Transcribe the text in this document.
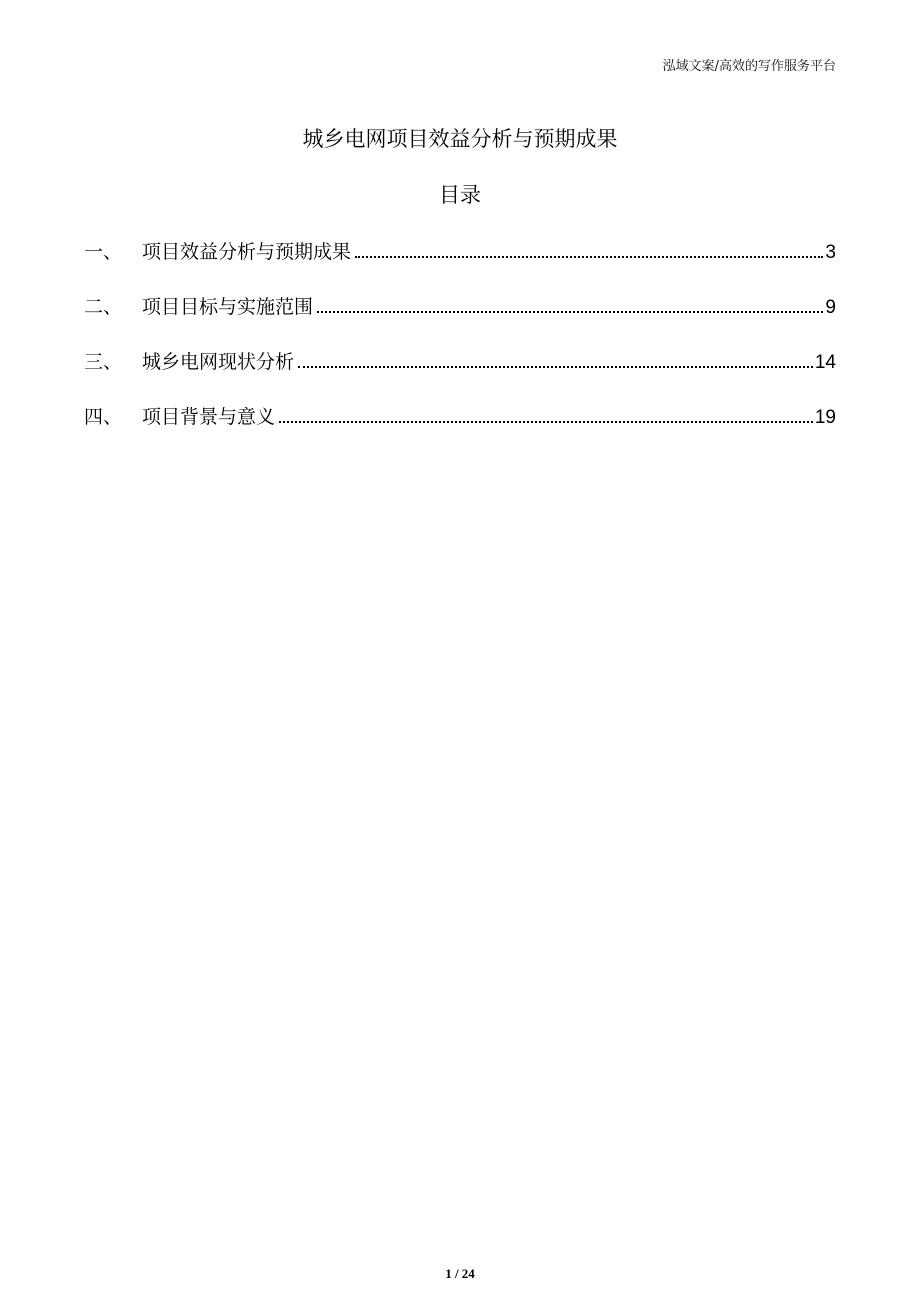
泓域文案/高效的写作服务平台
城乡电网项目效益分析与预期成果
目录
一、	项目效益分析与预期成果	3
二、	项目目标与实施范围	9
三、	城乡电网现状分析	14
四、	项目背景与意义	19
1 / 24
